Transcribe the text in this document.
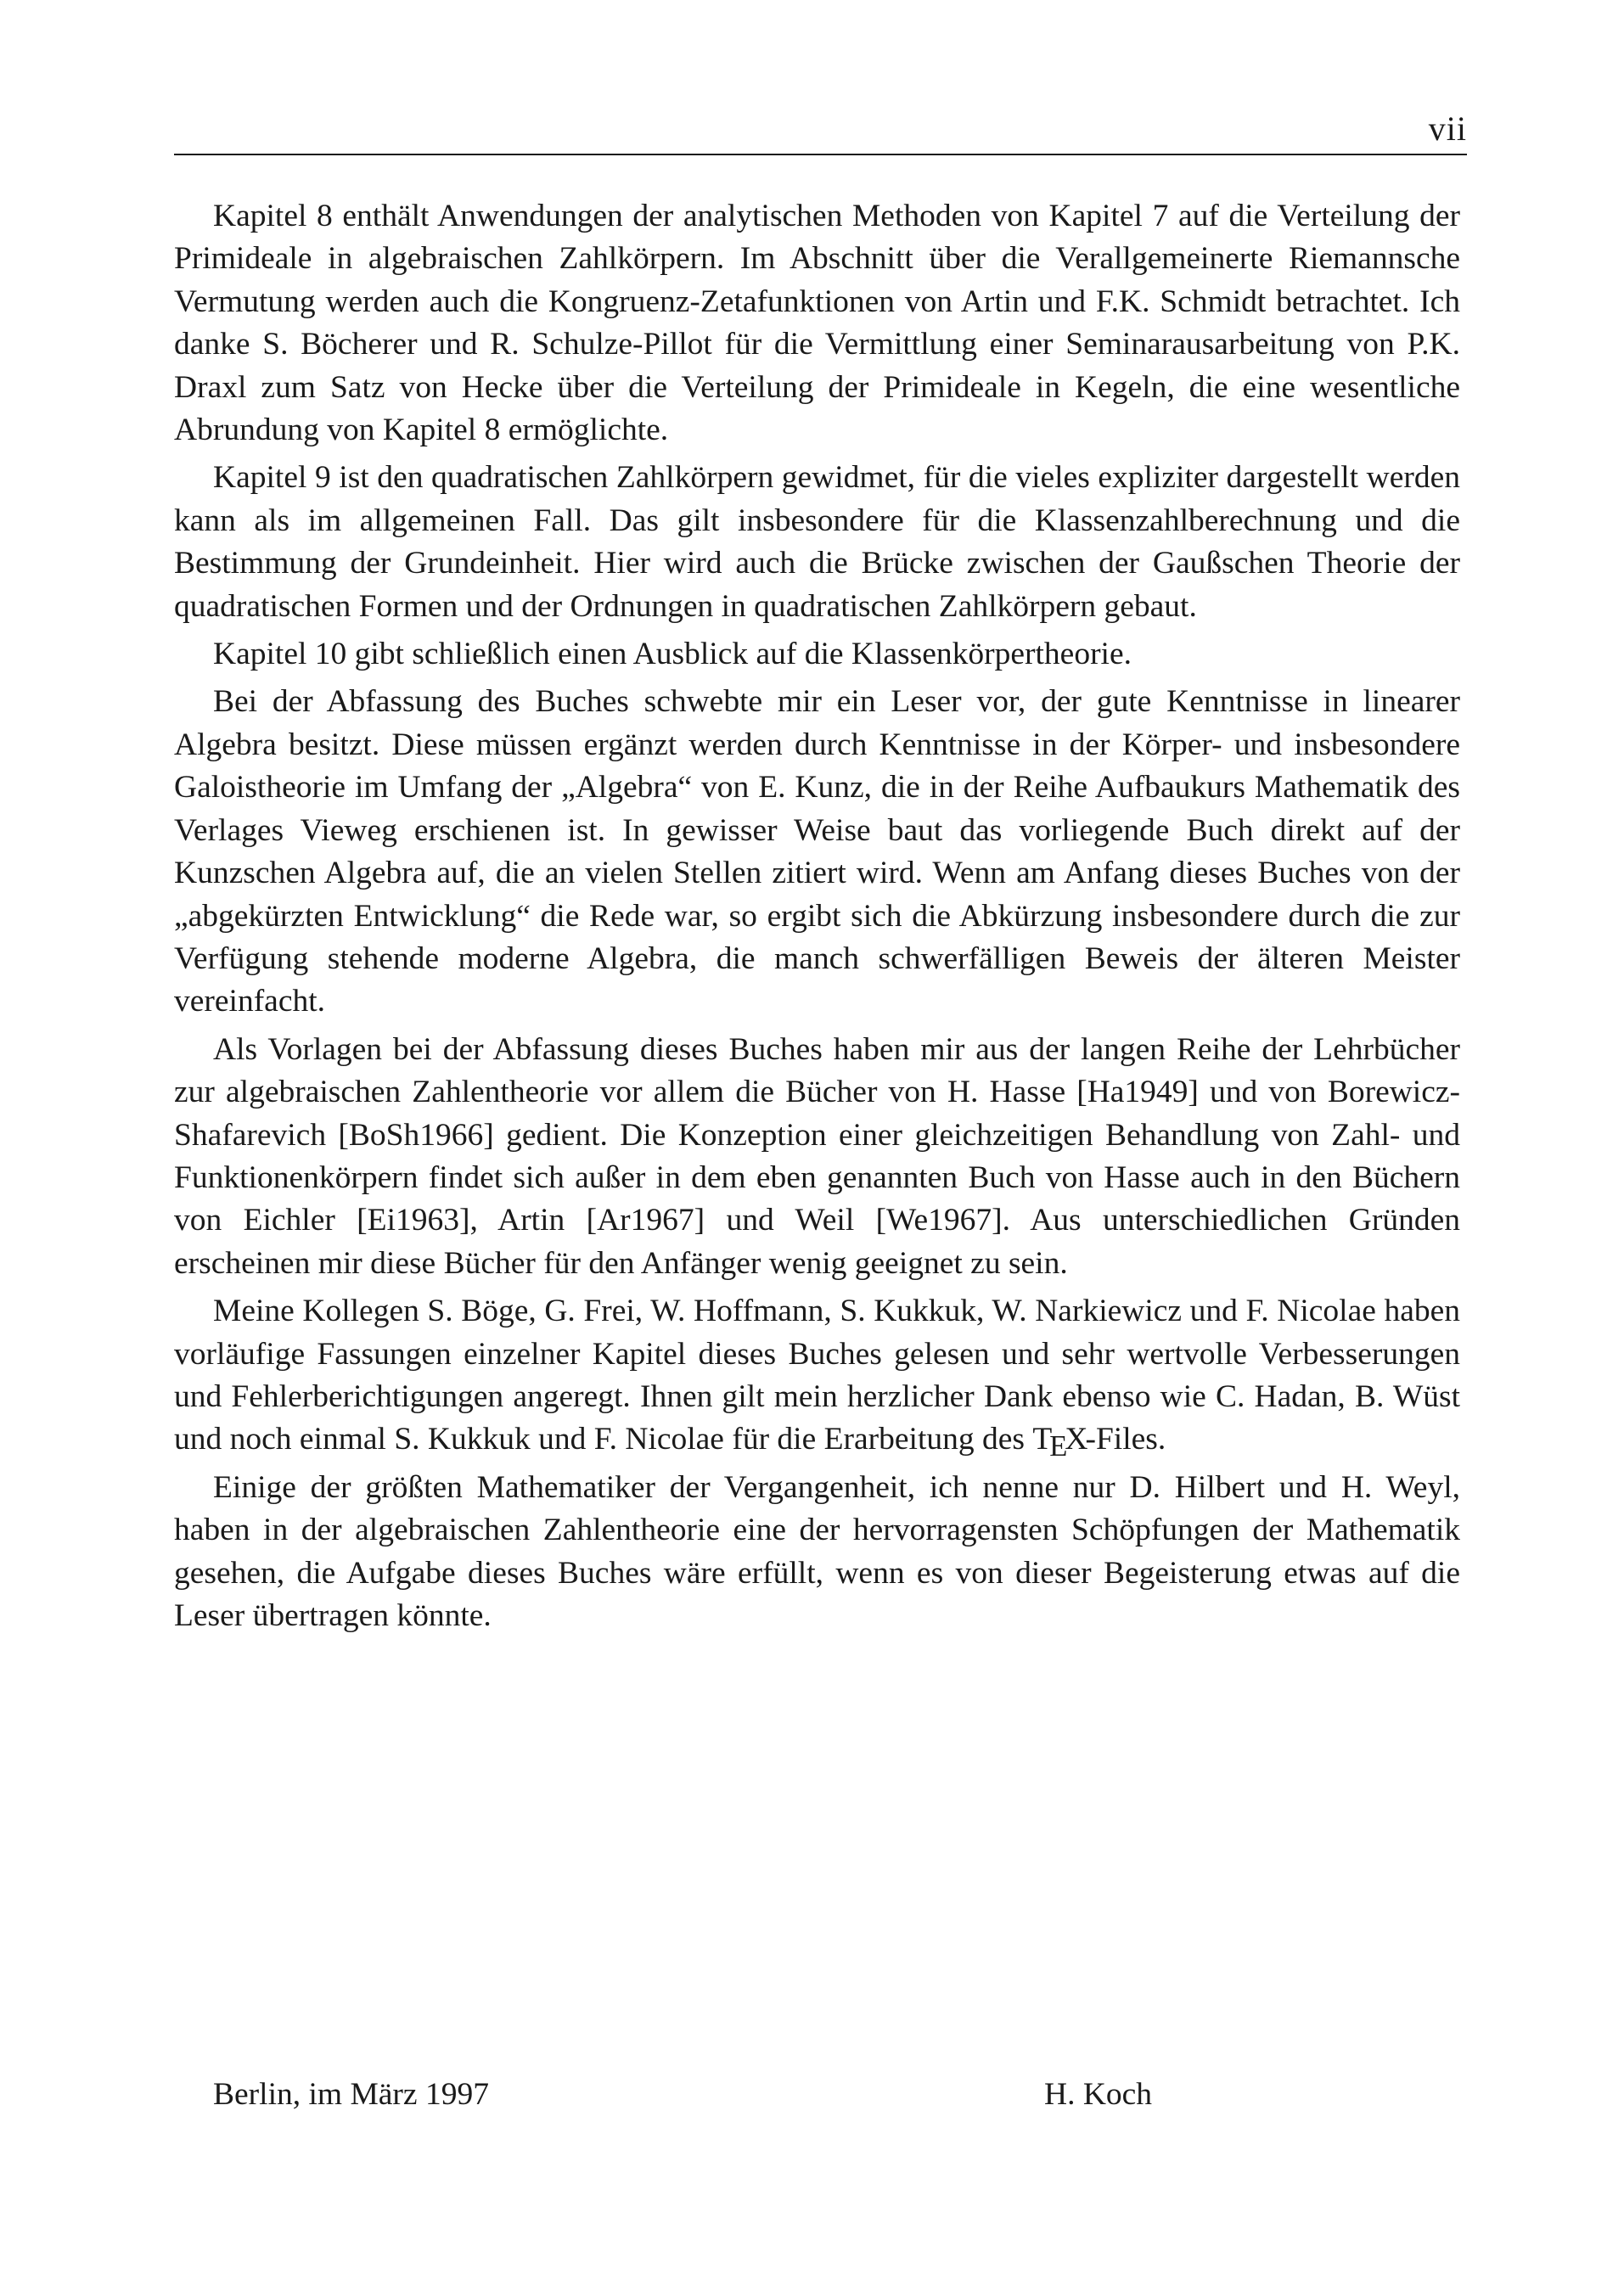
vii

Kapitel 8 enthält Anwendungen der analytischen Methoden von Kapitel 7 auf die Verteilung der Primideale in algebraischen Zahlkörpern. Im Abschnitt über die Verallgemeinerte Riemannsche Vermutung werden auch die Kongruenz-Zetafunktionen von Artin und F.K. Schmidt betrachtet. Ich danke S. Böcherer und R. Schulze-Pillot für die Vermittlung einer Seminarausarbeitung von P.K. Draxl zum Satz von Hecke über die Verteilung der Primideale in Kegeln, die eine wesentliche Abrundung von Kapitel 8 ermöglichte.

Kapitel 9 ist den quadratischen Zahlkörpern gewidmet, für die vieles expliziter dargestellt werden kann als im allgemeinen Fall. Das gilt insbesondere für die Klassenzahlberechnung und die Bestimmung der Grundeinheit. Hier wird auch die Brücke zwischen der Gaußschen Theorie der quadratischen Formen und der Ordnungen in quadratischen Zahlkörpern gebaut.

Kapitel 10 gibt schließlich einen Ausblick auf die Klassenkörpertheorie.

Bei der Abfassung des Buches schwebte mir ein Leser vor, der gute Kenntnisse in linearer Algebra besitzt. Diese müssen ergänzt werden durch Kenntnisse in der Körper- und insbesondere Galoistheorie im Umfang der „Algebra“ von E. Kunz, die in der Reihe Aufbaukurs Mathematik des Verlages Vieweg erschienen ist. In gewisser Weise baut das vorliegende Buch direkt auf der Kunzschen Algebra auf, die an vielen Stellen zitiert wird. Wenn am Anfang dieses Buches von der „abgekürzten Entwicklung“ die Rede war, so ergibt sich die Abkürzung insbesondere durch die zur Verfügung stehende moderne Algebra, die manch schwerfälligen Beweis der älteren Meister vereinfacht.

Als Vorlagen bei der Abfassung dieses Buches haben mir aus der langen Reihe der Lehrbücher zur algebraischen Zahlentheorie vor allem die Bücher von H. Hasse [Ha1949] und von Borewicz-Shafarevich [BoSh1966] gedient. Die Konzeption einer gleichzeitigen Behandlung von Zahl- und Funktionenkörpern findet sich außer in dem eben genannten Buch von Hasse auch in den Büchern von Eichler [Ei1963], Artin [Ar1967] und Weil [We1967]. Aus unterschiedlichen Gründen erscheinen mir diese Bücher für den Anfänger wenig geeignet zu sein.

Meine Kollegen S. Böge, G. Frei, W. Hoffmann, S. Kukkuk, W. Narkiewicz und F. Nicolae haben vorläufige Fassungen einzelner Kapitel dieses Buches gelesen und sehr wertvolle Verbesserungen und Fehlerberichtigungen angeregt. Ihnen gilt mein herzlicher Dank ebenso wie C. Hadan, B. Wüst und noch einmal S. Kukkuk und F. Nicolae für die Erarbeitung des TEX-Files.

Einige der größten Mathematiker der Vergangenheit, ich nenne nur D. Hilbert und H. Weyl, haben in der algebraischen Zahlentheorie eine der hervorragensten Schöpfungen der Mathematik gesehen, die Aufgabe dieses Buches wäre erfüllt, wenn es von dieser Begeisterung etwas auf die Leser übertragen könnte.

Berlin, im März 1997	H. Koch
